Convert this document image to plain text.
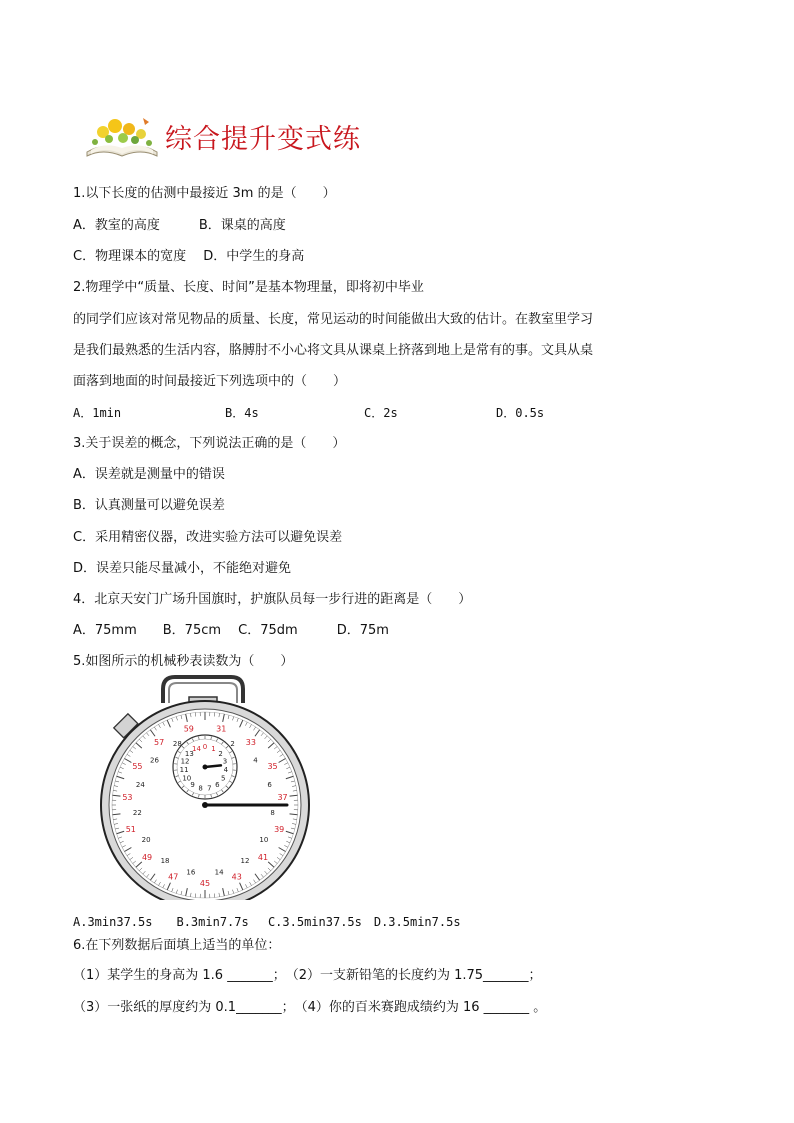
综合提升变式练
1.以下长度的估测中最接近 3m 的是（　　）
A．教室的高度　　　B．课桌的高度
C．物理课本的宽度　 D．中学生的身高
2.物理学中“质量、长度、时间”是基本物理量，即将初中毕业
的同学们应该对常见物品的质量、长度，常见运动的时间能做出大致的估计。在教室里学习
是我们最熟悉的生活内容，胳膊肘不小心将文具从课桌上挤落到地上是常有的事。文具从桌
面落到地面的时间最接近下列选项中的（　　）
A．1min	B．4s	C．2s	D．0.5s
3.关于误差的概念，下列说法正确的是（　　）
A．误差就是测量中的错误
B．认真测量可以避免误差
C．采用精密仪器，改进实验方法可以避免误差
D．误差只能尽量减小，不能绝对避免
4．北京天安门广场升国旗时，护旗队员每一步行进的距离是（　　）
A．75mm　　B．75cm　 C．75dm　　　D．75m
5.如图所示的机械秒表读数为（　　）
31
2 33
4
35
6
37
8
39
10
41
12
43
14
45
16
47
18
49
20
51
22
53
24
55
26
57 28
59
0 1
2
3
4
5
6
7
8
9
10
11
12
13
14
A.3min37.5s　　B.3min7.7s　 C.3.5min37.5s　D.3.5min7.5s
6.在下列数据后面填上适当的单位：
（1）某学生的身高为 1.6 _______；　（2）一支新铅笔的长度约为 1.75_______；
（3）一张纸的厚度约为 0.1_______；　（4）你的百米赛跑成绩约为 16 _______ 。
